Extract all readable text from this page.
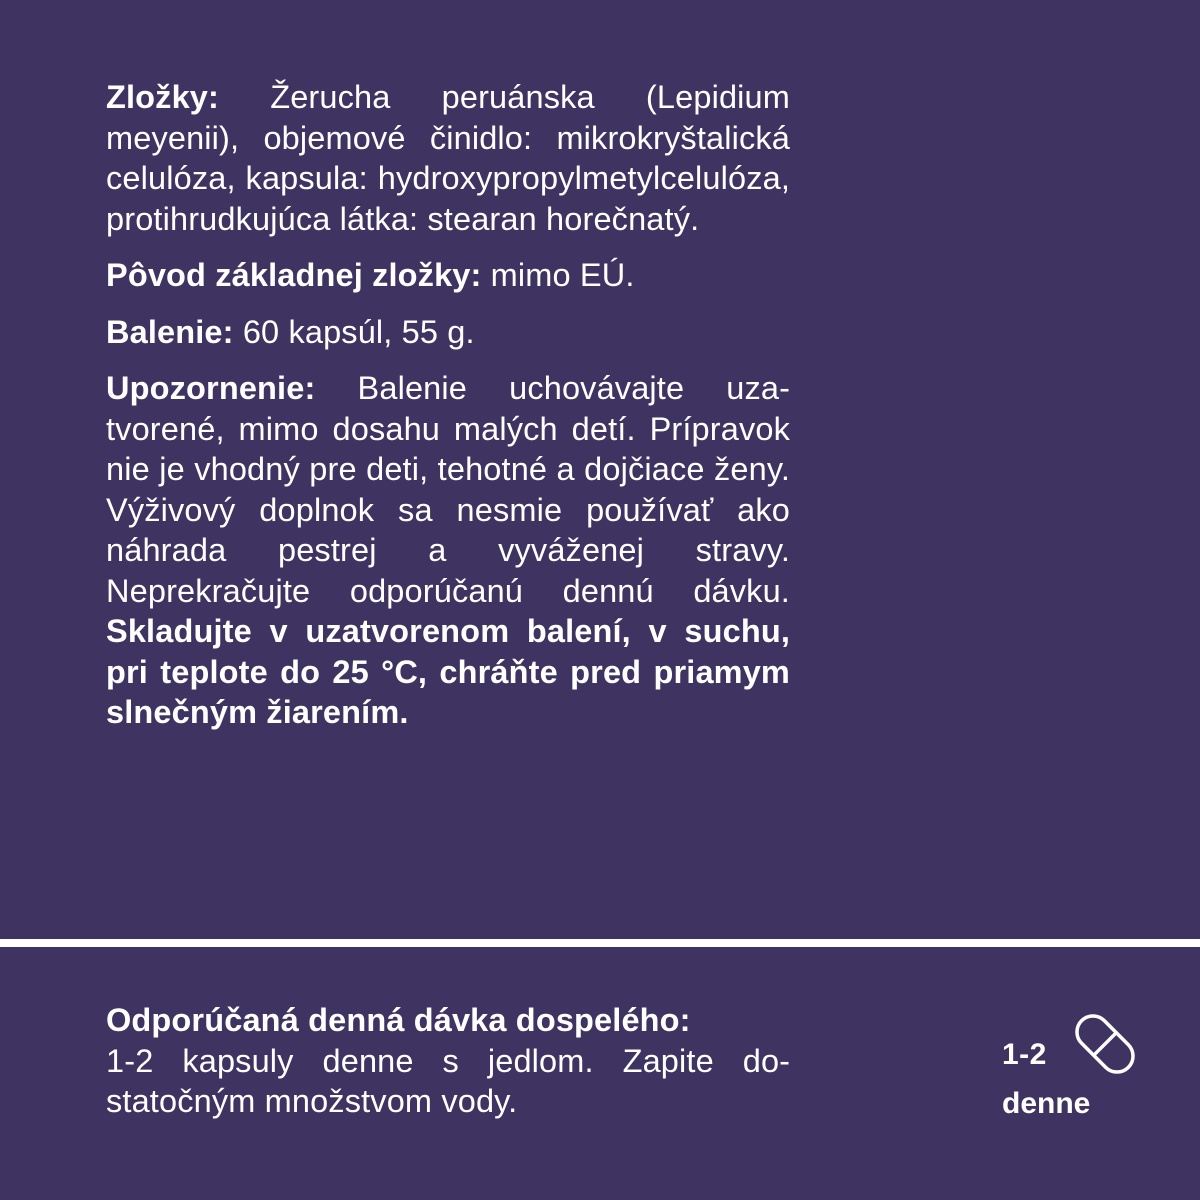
Zložky: Žerucha peruánska (Lepidium meyenii), objemové činidlo: mikrokryštalická celulóza, kapsula: hydroxypropylmetylcelulóza, protihrudkujúca látka: stearan horečnatý.

Pôvod základnej zložky: mimo EÚ.

Balenie: 60 kapsúl, 55 g.

Upozornenie: Balenie uchovávajte uzatvorené, mimo dosahu malých detí. Prípravok nie je vhodný pre deti, tehotné a dojčiace ženy. Výživový doplnok sa nesmie používať ako náhrada pestrej a vyváženej stravy. Neprekračujte odporúčanú dennú dávku. Skladujte v uzatvorenom balení, v suchu, pri teplote do 25 °C, chráňte pred priamym slnečným žiarením.

Odporúčaná denná dávka dospelého:
1-2 kapsuly denne s jedlom. Zapite dostatočným množstvom vody.

1-2
denne
